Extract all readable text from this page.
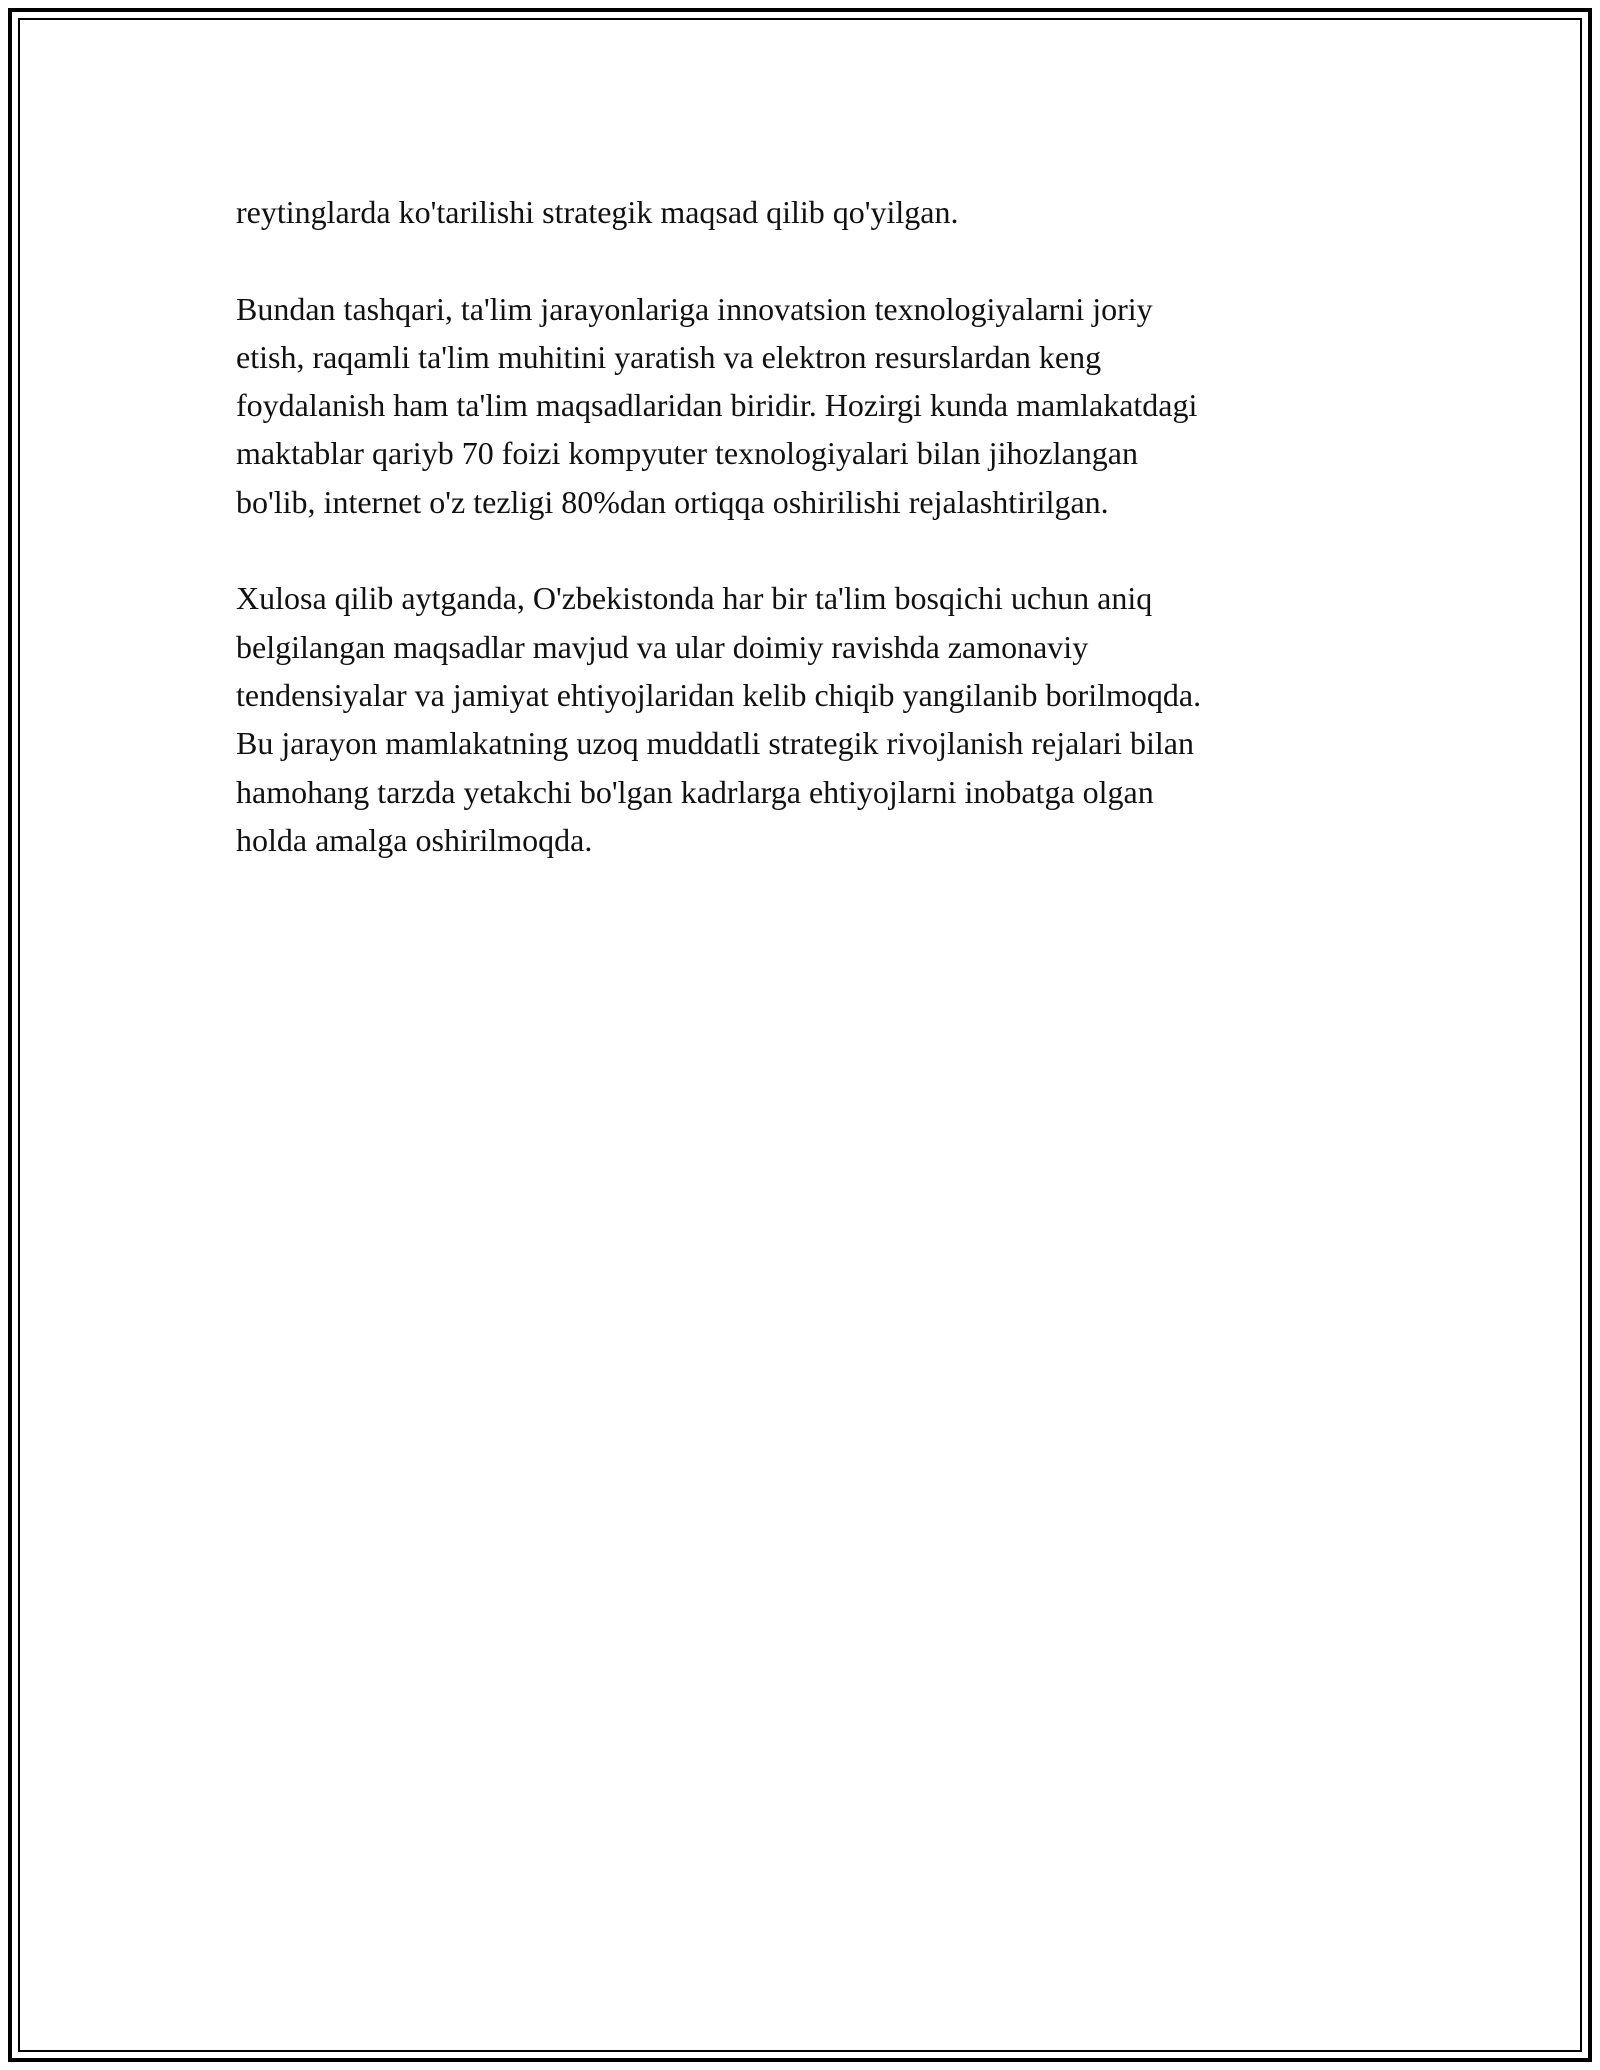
reytinglarda ko'tarilishi strategik maqsad qilib qo'yilgan.

Bundan tashqari, ta'lim jarayonlariga innovatsion texnologiyalarni joriy
etish, raqamli ta'lim muhitini yaratish va elektron resurslardan keng
foydalanish ham ta'lim maqsadlaridan biridir. Hozirgi kunda mamlakatdagi
maktablar qariyb 70 foizi kompyuter texnologiyalari bilan jihozlangan
bo'lib, internet o'z tezligi 80%dan ortiqqa oshirilishi rejalashtirilgan.

Xulosa qilib aytganda, O'zbekistonda har bir ta'lim bosqichi uchun aniq
belgilangan maqsadlar mavjud va ular doimiy ravishda zamonaviy
tendensiyalar va jamiyat ehtiyojlaridan kelib chiqib yangilanib borilmoqda.
Bu jarayon mamlakatning uzoq muddatli strategik rivojlanish rejalari bilan
hamohang tarzda yetakchi bo'lgan kadrlarga ehtiyojlarni inobatga olgan
holda amalga oshirilmoqda.
